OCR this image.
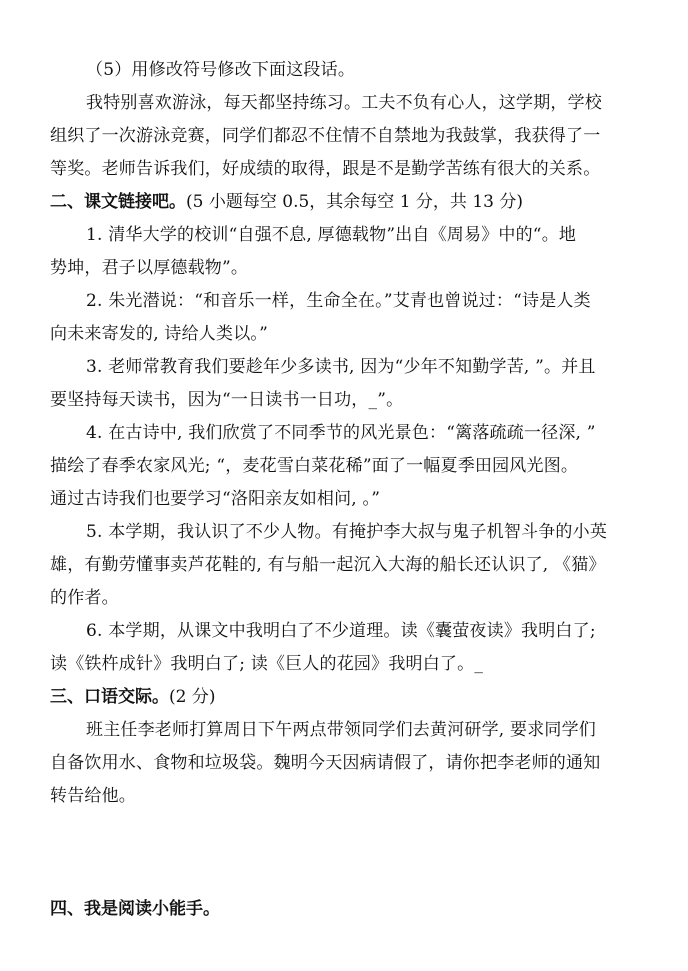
（5）用修改符号修改下面这段话。
我特别喜欢游泳，每天都坚持练习。工夫不负有心人，这学期，学校
组织了一次游泳竞赛，同学们都忍不住情不自禁地为我鼓掌，我获得了一
等奖。老师告诉我们，好成绩的取得，跟是不是勤学苦练有很大的关系。
二、课文链接吧。(5 小题每空 0.5，其余每空 1 分，共 13 分)
1. 清华大学的校训“自强不息, 厚德载物”出自《周易》中的“。地
势坤，君子以厚德载物”。
2. 朱光潜说：“和音乐一样，生命全在。”艾青也曾说过：“诗是人类
向未来寄发的, 诗给人类以。”
3. 老师常教育我们要趁年少多读书, 因为“少年不知勤学苦, ”。并且
要坚持每天读书，因为“一日读书一日功，_”。
4. 在古诗中, 我们欣赏了不同季节的风光景色：“篱落疏疏一径深, ”
描绘了春季农家风光; “，麦花雪白菜花稀”面了一幅夏季田园风光图。
通过古诗我们也要学习“洛阳亲友如相问, 。”
5. 本学期，我认识了不少人物。有掩护李大叔与鬼子机智斗争的小英
雄，有勤劳懂事卖芦花鞋的, 有与船一起沉入大海的船长还认识了, 《猫》
的作者。
6. 本学期，从课文中我明白了不少道理。读《囊萤夜读》我明白了;
读《铁杵成针》我明白了; 读《巨人的花园》我明白了。_
三、口语交际。(2 分)
班主任李老师打算周日下午两点带领同学们去黄河研学, 要求同学们
自备饮用水、食物和垃圾袋。魏明今天因病请假了，请你把李老师的通知
转告给他。
四、我是阅读小能手。
